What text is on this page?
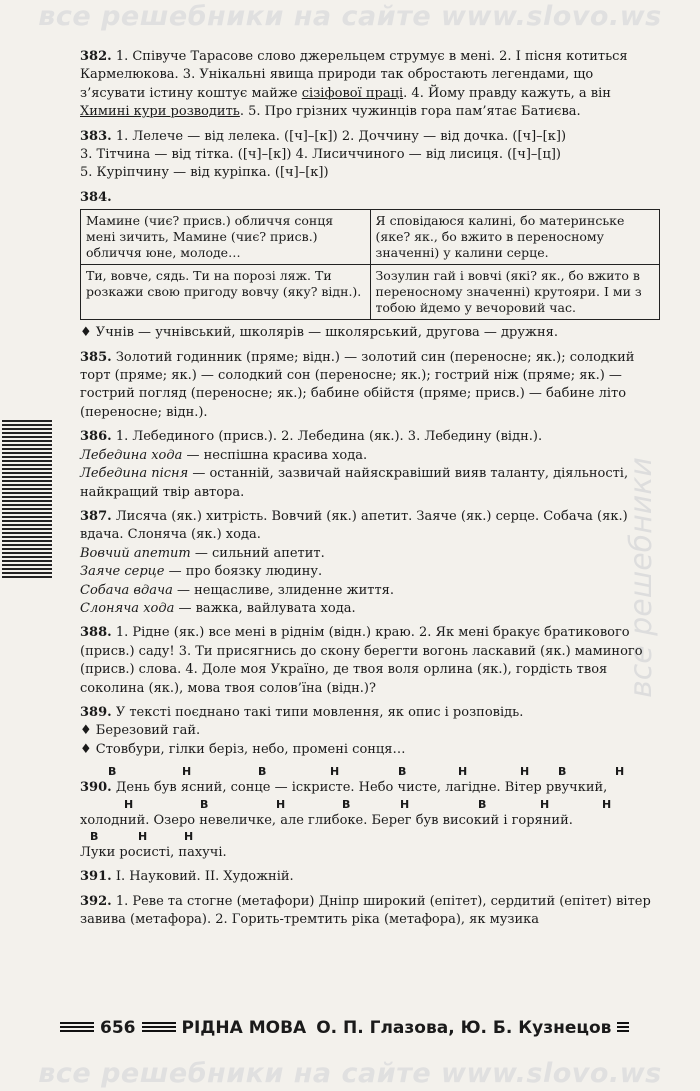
все решебники на сайте www.slovo.ws
все решебники

382. 1. Співуче Тарасове слово джерельцем струмує в мені. 2. І пісня котиться Кармелюкова. 3. Унікальні явища природи так обростають легендами, що з’ясувати істину коштує майже сізіфової праці. 4. Йому правду кажуть, а він Химині кури розводить. 5. Про грізних чужинців гора пам’ятає Батиєва.

383. 1. Лелече — від лелека. ([ч]–[к]) 2. Доччину — від дочка. ([ч]–[к])
3. Тітчина — від тітка. ([ч]–[к]) 4. Лисиччиного — від лисиця. ([ч]–[ц])
5. Куріпчину — від куріпка. ([ч]–[к])

384.
Мамине (чиє? присв.) обличчя сонця мені зичить, Мамине (чиє? присв.) обличчя юне, молоде…	Я сповідаюся калині, бо материнське (яке? як., бо вжито в переносному значенні) у калини серце.
Ти, вовче, сядь. Ти на порозі ляж. Ти розкажи свою пригоду вовчу (яку? відн.).	Зозулин гай і вовчі (які? як., бо вжито в переносному значенні) крутояри. І ми з тобою йдемо у вечоровий час.

♦ Учнів — учнівський, школярів — школярський, другова — дружня.

385. Золотий годинник (пряме; відн.) — золотий син (переносне; як.); солодкий торт (пряме; як.) — солодкий сон (переносне; як.); гострий ніж (пряме; як.) — гострий погляд (переносне; як.); бабине обійстя (пряме; присв.) — бабине літо (переносне; відн.).

386. 1. Лебединого (присв.). 2. Лебедина (як.). 3. Лебедину (відн.).
Лебедина хода — неспішна красива хода.
Лебедина пісня — останній, зазвичай найяскравіший вияв таланту, діяльності, найкращий твір автора.

387. Лисяча (як.) хитрість. Вовчий (як.) апетит. Заяче (як.) серце. Собача (як.) вдача. Слоняча (як.) хода.
Вовчий апетит — сильний апетит.
Заяче серце — про боязку людину.
Собача вдача — нещасливе, злиденне життя.
Слоняча хода — важка, вайлувата хода.

388. 1. Рідне (як.) все мені в ріднім (відн.) краю. 2. Як мені бракує братикового (присв.) саду! 3. Ти присягнись до скону берегти вогонь ласкавий (як.) маминого (присв.) слова. 4. Доле моя Україно, де твоя воля орлина (як.), гордість твоя соколина (як.), мова твоя солов’їна (відн.)?

389. У тексті поєднано такі типи мовлення, як опис і розповідь.

♦ Березовий гай.

♦ Стовбури, гілки беріз, небо, промені сонця…

В	Н	В	Н	В	Н	Н	В	Н

390. День був ясний, сонце — іскристе. Небо чисте, лагідне. Вітер рвучкий,

Н	В	Н	В	Н	В	Н	Н

холодний. Озеро невеличке, але глибоке. Берег був високий і горяний.

В	Н	Н

Луки росисті, пахучі.

391. I. Науковий. II. Художній.

392. 1. Реве та стогне (метафори) Дніпр широкий (епітет), сердитий (епітет) вітер завива (метафора). 2. Горить-тремтить ріка (метафора), як музика

656	РІДНА МОВА О. П. Глазова, Ю. Б. Кузнецов
все решебники на сайте www.slovo.ws
